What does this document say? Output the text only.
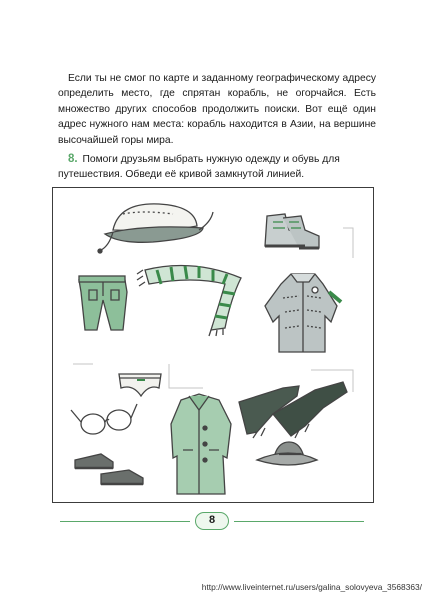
Если ты не смог по карте и заданному географическому адресу определить место, где спрятан корабль, не огорчайся. Есть множество других способов продолжить поиски. Вот ещё один адрес нужного нам места: корабль находится в Азии, на вершине высочайшей горы мира.

8. Помоги друзьям выбрать нужную одежду и обувь для путешествия. Обведи её кривой замкнутой линией.

8
http://www.liveinternet.ru/users/galina_solovyeva_3568363/
